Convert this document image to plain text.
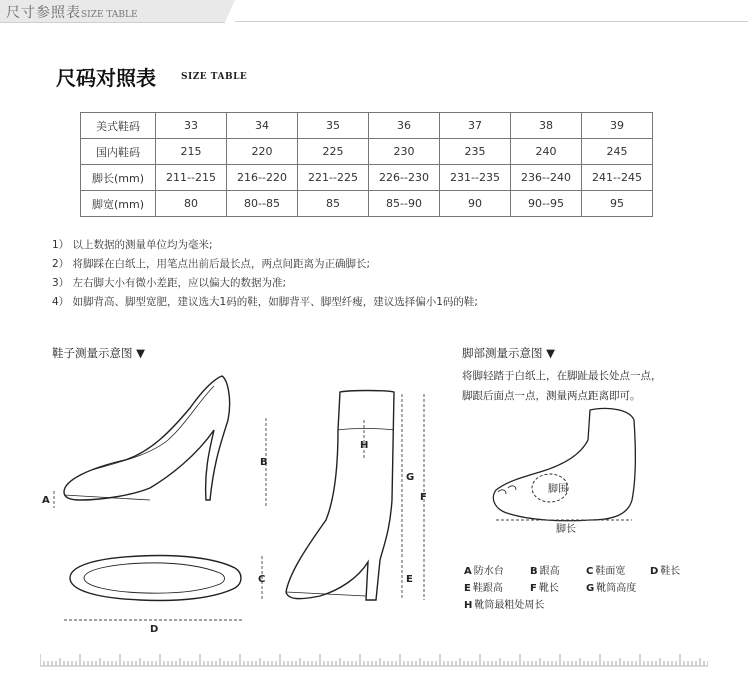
尺寸参照表SIZE TABLE
尺码对照表	SIZE TABLE
美式鞋码	33	34	35	36	37	38	39
国内鞋码	215	220	225	230	235	240	245
脚长(mm)	211--215	216--220	221--225	226--230	231--235	236--240	241--245
脚宽(mm)	80	80--85	85	85--90	90	90--95	95
1） 以上数据的测量单位均为毫米;
2） 将脚踩在白纸上，用笔点出前后最长点，两点间距离为正确脚长;
3） 左右脚大小有微小差距，应以偏大的数据为准;
4） 如脚背高、脚型宽肥，建议选大1码的鞋，如脚背平、脚型纤瘦，建议选择偏小1码的鞋;
鞋子测量示意图 ▼	脚部测量示意图 ▼
将脚轻踏于白纸上，在脚趾最长处点一点，
脚跟后面点一点，测量两点距离即可。
A
B
C
D
H
G
F
E
脚围
脚长
A 防水台	B 跟高	C 鞋面宽 D 鞋长
E 鞋跟高	F 靴长	G 靴筒高度
H 靴筒最粗处周长
